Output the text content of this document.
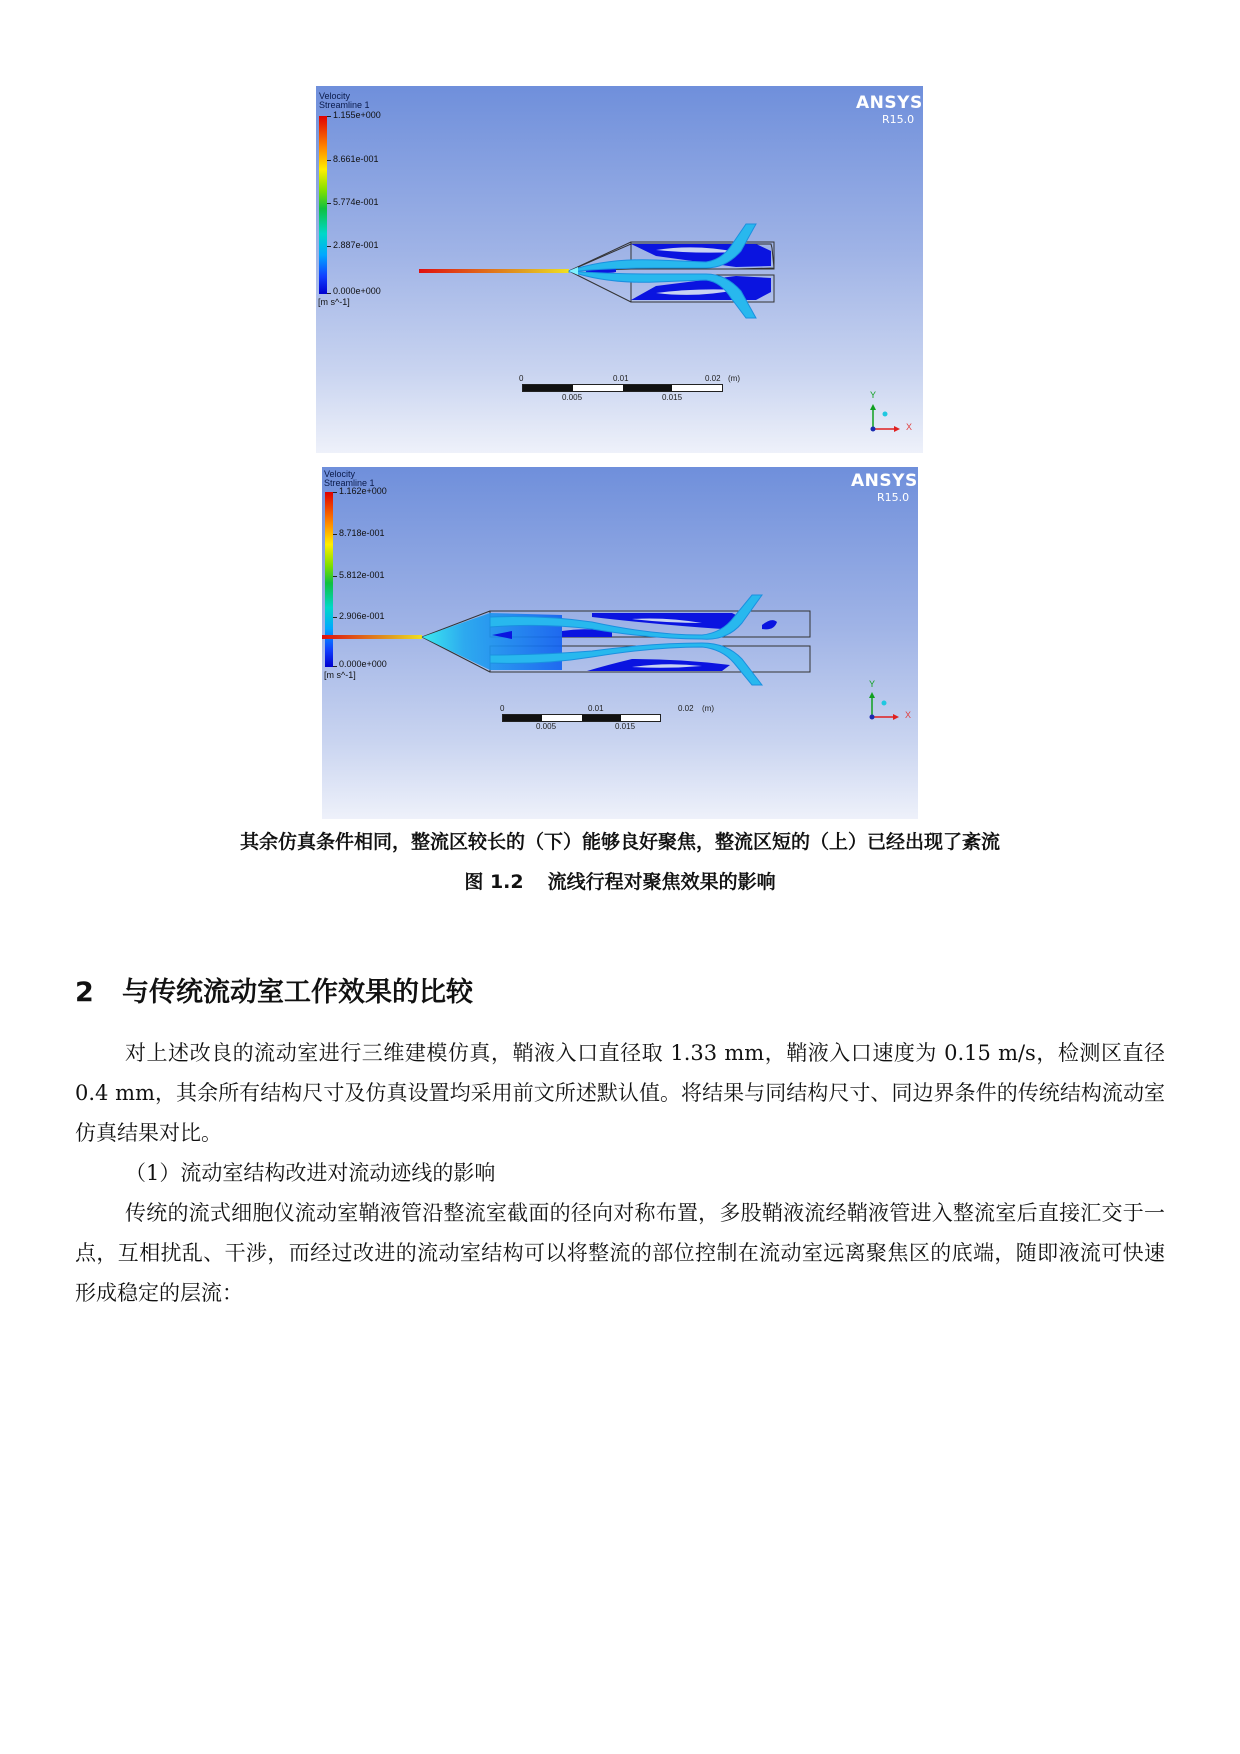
Velocity
Streamline 1
1.155e+000
8.661e-001
5.774e-001
2.887e-001
0.000e+000
[m s^-1]
ANSYS
R15.0
0	0.01	0.02 (m)
0.005	0.015	Y
X
Velocity
Streamline 1
1.162e+000
8.718e-001
5.812e-001
2.906e-001
0.000e+000
[m s^-1]
ANSYS
R15.0
0	0.01	0.02 (m)
0.005	0.015
Y
X
其余仿真条件相同，整流区较长的（下）能够良好聚焦，整流区短的（上）已经出现了紊流
图 1.2 流线行程对聚焦效果的影响
2 与传统流动室工作效果的比较

对上述改良的流动室进行三维建模仿真，鞘液入口直径取 1.33 mm，鞘液入口速度为 0.15 m/s，检测区直径 0.4 mm，其余所有结构尺寸及仿真设置均采用前文所述默认值。将结果与同结构尺寸、同边界条件的传统结构流动室仿真结果对比。

（1）流动室结构改进对流动迹线的影响

传统的流式细胞仪流动室鞘液管沿整流室截面的径向对称布置，多股鞘液流经鞘液管进入整流室后直接汇交于一点，互相扰乱、干涉，而经过改进的流动室结构可以将整流的部位控制在流动室远离聚焦区的底端，随即液流可快速形成稳定的层流：
